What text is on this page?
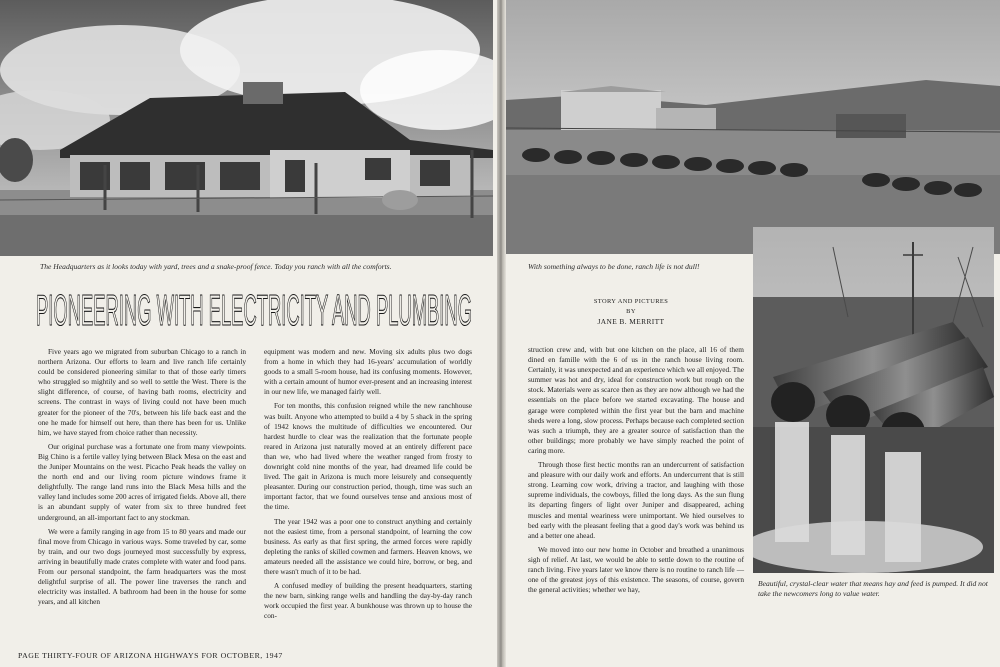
The Headquarters as it looks today with yard, trees and a snake-proof fence. Today you ranch with all the comforts.
PIONEERING WITH ELECTRICITY AND PLUMBING

Five years ago we migrated from suburban Chicago to a ranch in northern Arizona. Our efforts to learn and live ranch life certainly could be considered pioneering similar to that of those early timers who struggled so mightily and so well to settle the West. There is the slight difference, of course, of having bath rooms, electricity and screens. The contrast in ways of living could not have been much greater for the pioneer of the 70's, between his life back east and the one he made for himself out here, than there has been for us. Unlike him, we have stayed from choice rather than necessity.

Our original purchase was a fortunate one from many viewpoints. Big Chino is a fertile valley lying between Black Mesa on the east and the Juniper Mountains on the west. Picacho Peak heads the valley on the north end and our living room picture windows frame it delightfully. The range land runs into the Black Mesa hills and the valley land includes some 200 acres of irrigated fields. Above all, there is an abundant supply of water from six to three hundred feet underground, an all-important fact to any stockman.

We were a family ranging in age from 15 to 80 years and made our final move from Chicago in various ways. Some traveled by car, some by train, and our two dogs journeyed most successfully by express, arriving in beautifully made crates complete with water and food pans. From our personal standpoint, the farm headquarters was the most delightful surprise of all. The power line traverses the ranch and electricity was installed. A bathroom had been in the house for some years, and all kitchen

equipment was modern and new. Moving six adults plus two dogs from a home in which they had 16-years' accumulation of worldly goods to a small 5-room house, had its confusing moments. However, with a certain amount of humor ever-present and an increasing interest in our new life, we managed fairly well.

For ten months, this confusion reigned while the new ranchhouse was built. Anyone who attempted to build a 4 by 5 shack in the spring of 1942 knows the multitude of difficulties we encountered. Our hardest hurdle to clear was the realization that the fortunate people reared in Arizona just naturally moved at an entirely different pace than we, who had lived where the weather ranged from frosty to downright cold nine months of the year, had dreamed life could be lived. The gait in Arizona is much more leisurely and consequently pleasanter. During our construction period, though, time was such an important factor, that we found ourselves tense and anxious most of the time.

The year 1942 was a poor one to construct anything and certainly not the easiest time, from a personal standpoint, of learning the cow business. As early as that first spring, the armed forces were rapidly depleting the ranks of skilled cowmen and farmers. Heaven knows, we amateurs needed all the assistance we could hire, borrow, or beg, and there wasn't much of it to be had.

A confused medley of building the present headquarters, starting the new barn, sinking range wells and handling the day-by-day ranch work occupied the first year. A bunkhouse was thrown up to house the con-

PAGE THIRTY-FOUR OF ARIZONA HIGHWAYS FOR OCTOBER, 1947
With something always to be done, ranch life is not dull!
STORY AND PICTURES
BY
JANE B. MERRITT

struction crew and, with but one kitchen on the place, all 16 of them dined en famille with the 6 of us in the ranch house living room. Certainly, it was unexpected and an experience which we all enjoyed. The summer was hot and dry, ideal for construction work but rough on the stock. Materials were as scarce then as they are now although we had the essentials on the place before we started excavating. The house and garage were completed within the first year but the barn and machine sheds were a long, slow process. Perhaps because each completed section was such a triumph, they are a greater source of satisfaction than the other buildings; more probably we have simply reached the point of caring more.

Through those first hectic months ran an undercurrent of satisfaction and pleasure with our daily work and efforts. An undercurrent that is still strong. Learning cow work, driving a tractor, and laughing with those supreme individuals, the cowboys, filled the long days. As the sun flung its departing fingers of light over Juniper and disappeared, aching muscles and mental weariness were unimportant. We hied ourselves to bed early with the pleasant feeling that a good day's work was behind us and a better one ahead.

We moved into our new home in October and breathed a unanimous sigh of relief. At last, we would be able to settle down to the routine of ranch living. Five years later we know there is no routine to ranch life — one of the greatest joys of this existence. The seasons, of course, govern the general activities; whether we hay,

Beautiful, crystal-clear water that means hay and feed is pumped. It did not take the newcomers long to value water.
